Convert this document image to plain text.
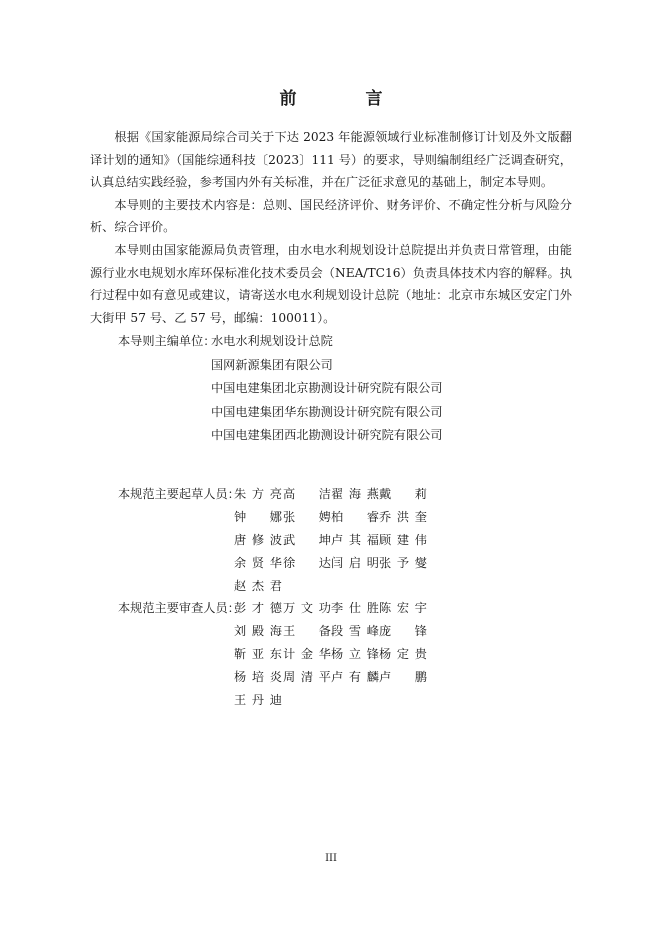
前　言

根据《国家能源局综合司关于下达 2023 年能源领域行业标准制修订计划及外文版翻译计划的通知》（国能综通科技〔2023〕111 号）的要求，导则编制组经广泛调查研究，认真总结实践经验，参考国内外有关标准，并在广泛征求意见的基础上，制定本导则。

本导则的主要技术内容是：总则、国民经济评价、财务评价、不确定性分析与风险分析、综合评价。

本导则由国家能源局负责管理，由水电水利规划设计总院提出并负责日常管理，由能源行业水电规划水库环保标准化技术委员会（NEA/TC16）负责具体技术内容的解释。执行过程中如有意见或建议，请寄送水电水利规划设计总院（地址：北京市东城区安定门外大街甲 57 号、乙 57 号，邮编：100011）。

本导则主编单位：
水电水利规划设计总院
国网新源集团有限公司
中国电建集团北京勘测设计研究院有限公司
中国电建集团华东勘测设计研究院有限公司
中国电建集团西北勘测设计研究院有限公司
本规范主要起草人员：
朱方亮 高　洁 翟海燕 戴　莉
钟　娜 张　娉 柏　睿 乔洪奎
唐修波 武　坤 卢其福 顾建伟
余贤华 徐　达 闫启明 张予燮
赵杰君
本规范主要审查人员：
彭才德 万文功 李仕胜 陈宏宇
刘殿海 王　备 段雪峰 庞　锋
靳亚东 计金华 杨立锋 杨定贵
杨培炎 周清平 卢有麟 卢　鹏
王丹迪
III
